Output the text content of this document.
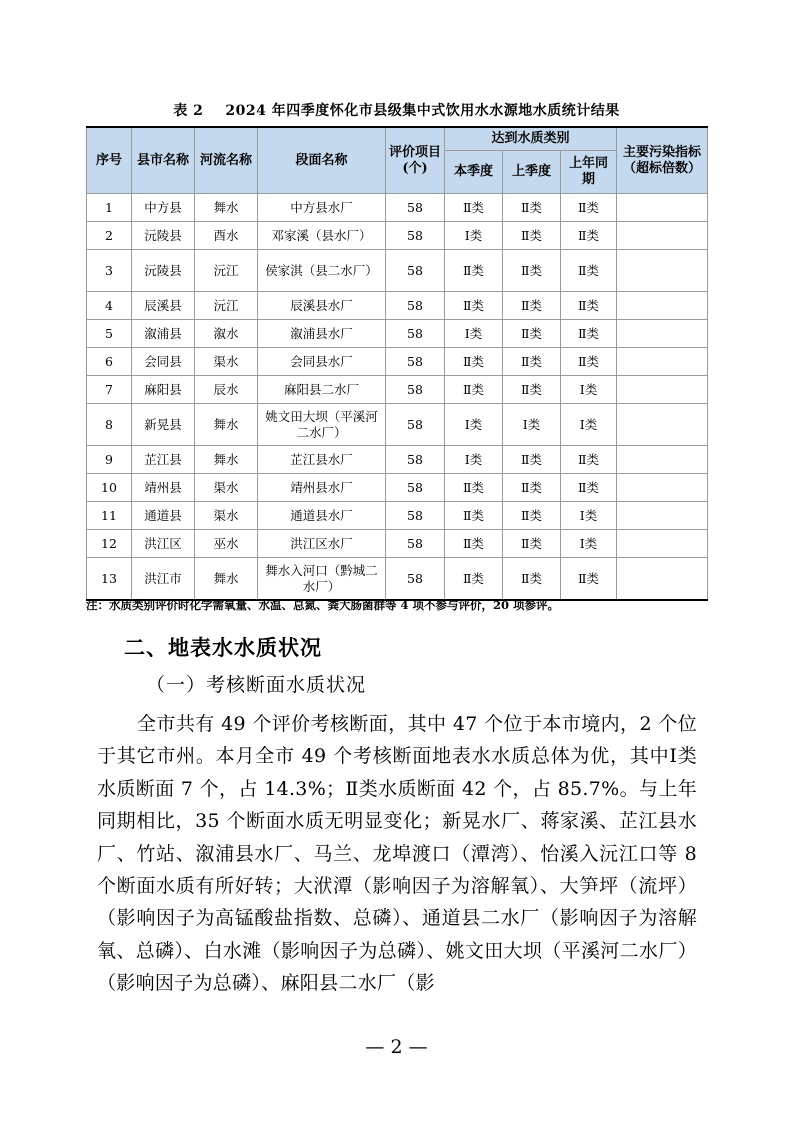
表 2 2024 年四季度怀化市县级集中式饮用水水源地水质统计结果
序号	县市名称	河流名称	段面名称	评价项目(个)	达到水质类别			主要污染指标（超标倍数）
					本季度	上季度	上年同期	
1	中方县	舞水	中方县水厂	58	Ⅱ类	Ⅱ类	Ⅱ类	
2	沅陵县	酉水	邓家溪（县水厂）	58	Ⅰ类	Ⅱ类	Ⅱ类	
3	沅陵县	沅江	侯家淇（县二水厂）	58	Ⅱ类	Ⅱ类	Ⅱ类	
4	辰溪县	沅江	辰溪县水厂	58	Ⅱ类	Ⅱ类	Ⅱ类	
5	溆浦县	溆水	溆浦县水厂	58	Ⅰ类	Ⅱ类	Ⅱ类	
6	会同县	渠水	会同县水厂	58	Ⅱ类	Ⅱ类	Ⅱ类	
7	麻阳县	辰水	麻阳县二水厂	58	Ⅱ类	Ⅱ类	Ⅰ类	
8	新晃县	舞水	姚文田大坝（平溪河二水厂）	58	Ⅰ类	Ⅰ类	Ⅰ类	
9	芷江县	舞水	芷江县水厂	58	Ⅰ类	Ⅱ类	Ⅱ类	
10	靖州县	渠水	靖州县水厂	58	Ⅱ类	Ⅱ类	Ⅱ类	
11	通道县	渠水	通道县水厂	58	Ⅱ类	Ⅱ类	Ⅰ类	
12	洪江区	巫水	洪江区水厂	58	Ⅱ类	Ⅱ类	Ⅰ类	
13	洪江市	舞水	舞水入河口（黔城二水厂）	58	Ⅱ类	Ⅱ类	Ⅱ类	
注：水质类别评价时化学需氧量、水温、总氮、粪大肠菌群等 4 项不参与评价，20 项参评。
二、地表水水质状况
（一）考核断面水质状况
全市共有 49 个评价考核断面，其中 47 个位于本市境内，2 个位于其它市州。本月全市 49 个考核断面地表水水质总体为优，其中Ⅰ类水质断面 7 个，占 14.3%；Ⅱ类水质断面 42 个，占 85.7%。与上年同期相比，35 个断面水质无明显变化；新晃水厂、蒋家溪、芷江县水厂、竹站、溆浦县水厂、马兰、龙埠渡口（潭湾）、怡溪入沅江口等 8 个断面水质有所好转；大洑潭（影响因子为溶解氧）、大笋坪（流坪）（影响因子为高锰酸盐指数、总磷）、通道县二水厂（影响因子为溶解氧、总磷）、白水滩（影响因子为总磷）、姚文田大坝（平溪河二水厂）（影响因子为总磷）、麻阳县二水厂（影
— 2 —
